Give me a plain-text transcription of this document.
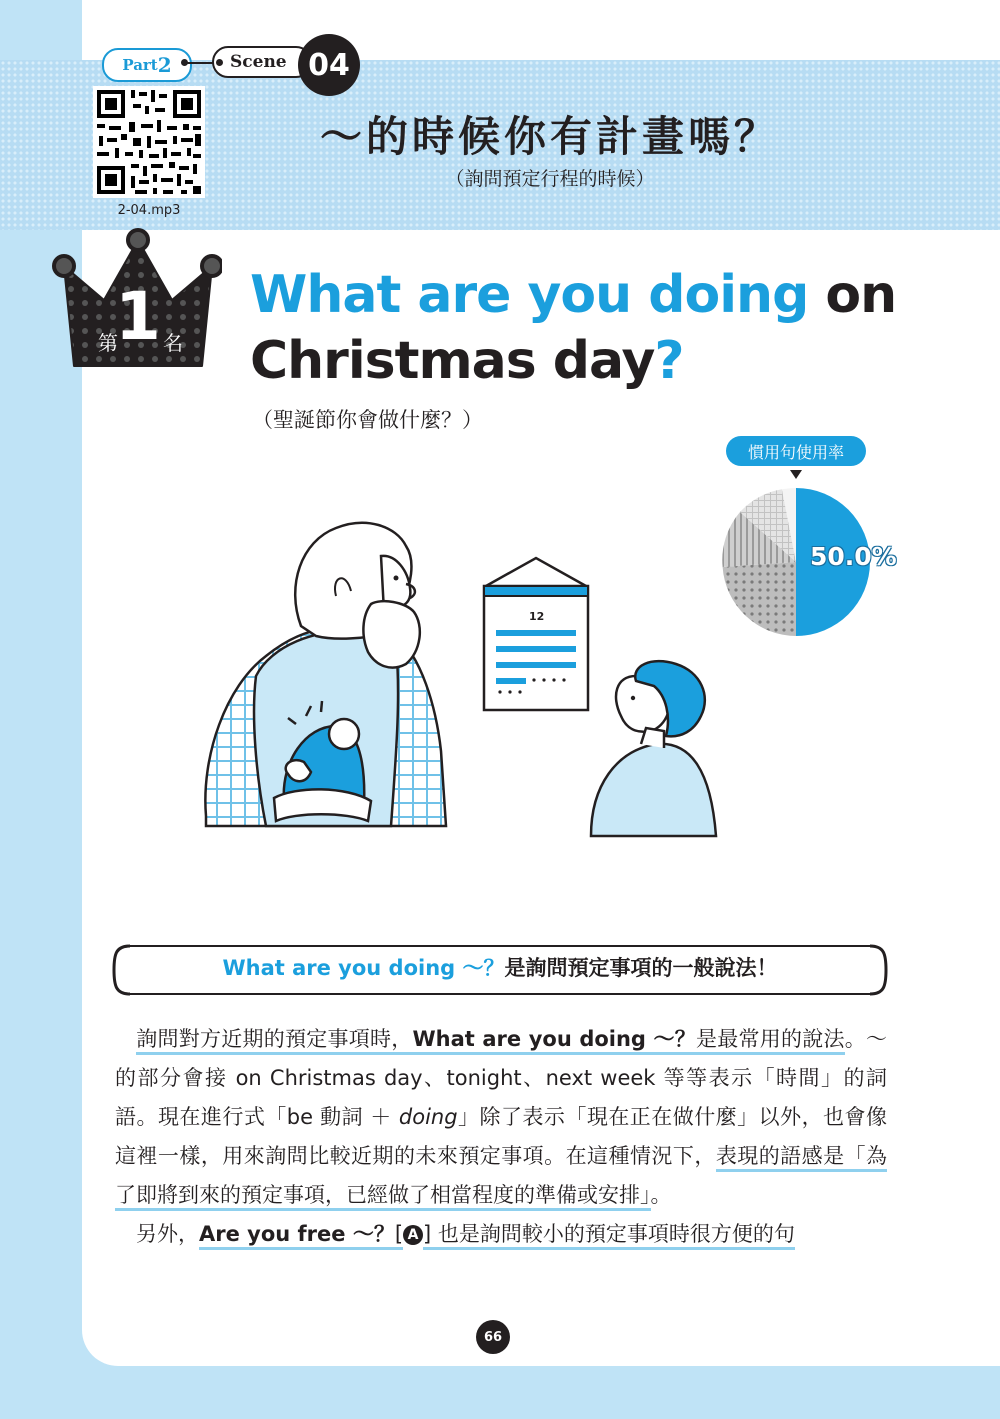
Part 2	Scene 04
2-04.mp3
～的時候你有計畫嗎？
（詢問預定行程的時候）
第
1 名
What are you doing on
Christmas day?
（聖誕節你會做什麼？）
慣用句使用率
50.0%
12
What are you doing ～？是詢問預定事項的一般說法！
　詢問對方近期的預定事項時，What are you doing ～？是最常用的說法。～的部分會接 on Christmas day、tonight、next week 等等表示「時間」的詞語。現在進行式「be 動詞 ＋ doing」除了表示「現在正在做什麼」以外，也會像這裡一樣，用來詢問比較近期的未來預定事項。在這種情況下，表現的語感是「為了即將到來的預定事項，已經做了相當程度的準備或安排」。
　另外，Are you free ～？[ A ] 也是詢問較小的預定事項時很方便的句
66
